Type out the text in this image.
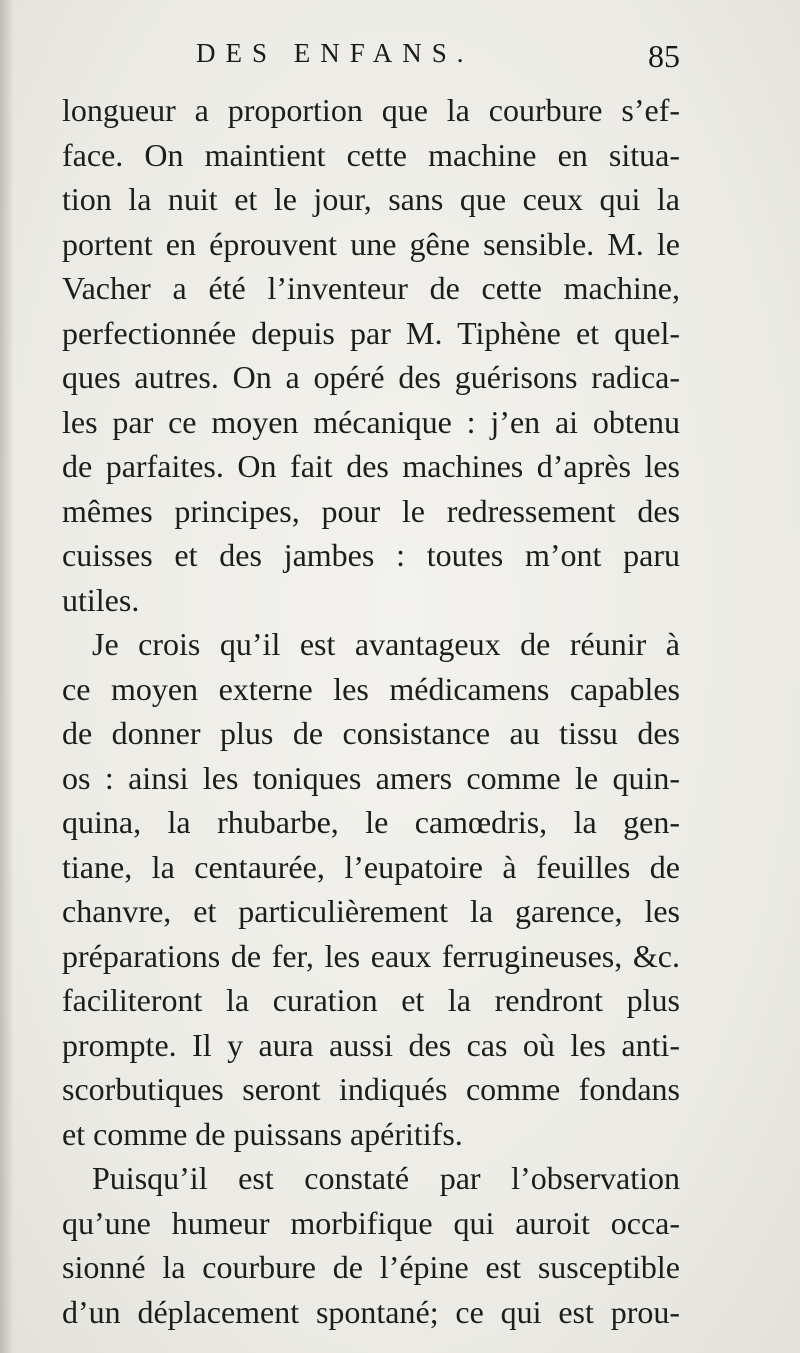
DES ENFANS.	85
longueur a proportion que la courbure s’ef-
face. On maintient cette machine en situa-
tion la nuit et le jour, sans que ceux qui la
portent en éprouvent une gêne sensible. M. le
Vacher a été l’inventeur de cette machine,
perfectionnée depuis par M. Tiphène et quel-
ques autres. On a opéré des guérisons radica-
les par ce moyen mécanique : j’en ai obtenu
de parfaites. On fait des machines d’après les
mêmes principes, pour le redressement des
cuisses et des jambes : toutes m’ont paru
utiles.
Je crois qu’il est avantageux de réunir à
ce moyen externe les médicamens capables
de donner plus de consistance au tissu des
os : ainsi les toniques amers comme le quin-
quina, la rhubarbe, le camœdris, la gen-
tiane, la centaurée, l’eupatoire à feuilles de
chanvre, et particulièrement la garence, les
préparations de fer, les eaux ferrugineuses, &c.
faciliteront la curation et la rendront plus
prompte. Il y aura aussi des cas où les anti-
scorbutiques seront indiqués comme fondans
et comme de puissans apéritifs.
Puisqu’il est constaté par l’observation
qu’une humeur morbifique qui auroit occa-
sionné la courbure de l’épine est susceptible
d’un déplacement spontané; ce qui est prou-
